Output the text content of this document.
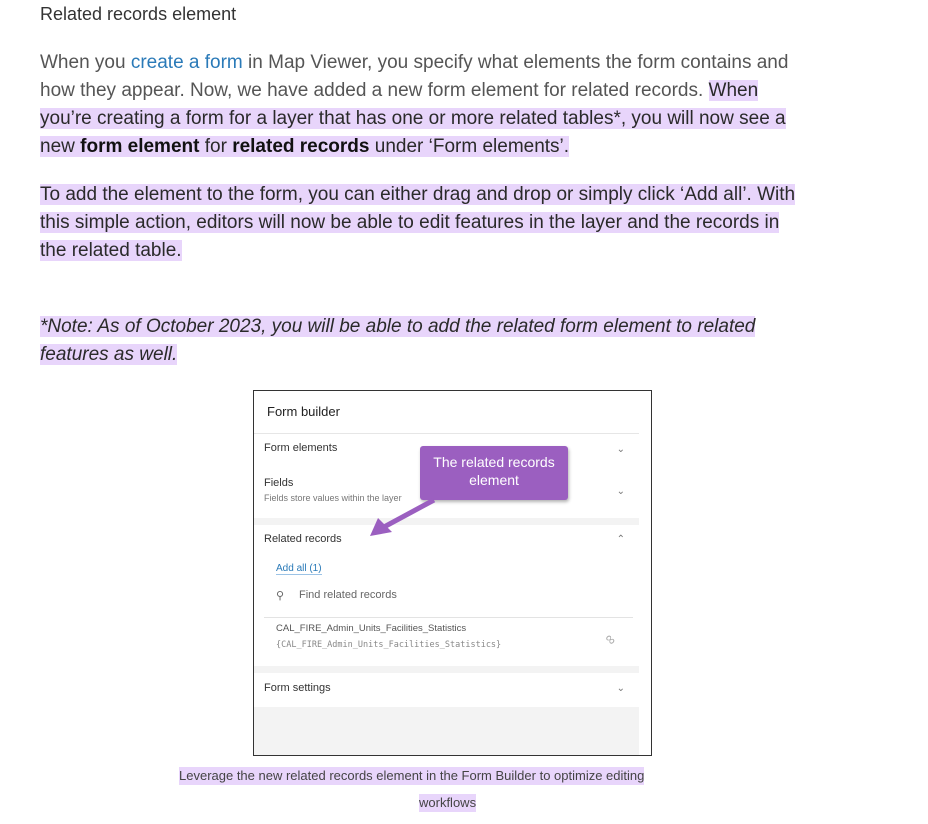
Related records element
When you create a form in Map Viewer, you specify what elements the form contains and
how they appear. Now, we have added a new form element for related records. When
you’re creating a form for a layer that has one or more related tables*, you will now see a
new form element for related records under ‘Form elements’.
To add the element to the form, you can either drag and drop or simply click ‘Add all’. With
this simple action, editors will now be able to edit features in the layer and the records in
the related table.
*Note: As of October 2023, you will be able to add the related form element to related
features as well.
Form builder
Form elements	⌄
Fields
Fields store values within the layer
⌄
Related records	⌃
Add all (1)
⚲ Find related records
CAL_FIRE_Admin_Units_Facilities_Statistics
{CAL_FIRE_Admin_Units_Facilities_Statistics}	∞
Form settings	⌄
The related records element
Leverage the new related records element in the Form Builder to optimize editing
workflows
